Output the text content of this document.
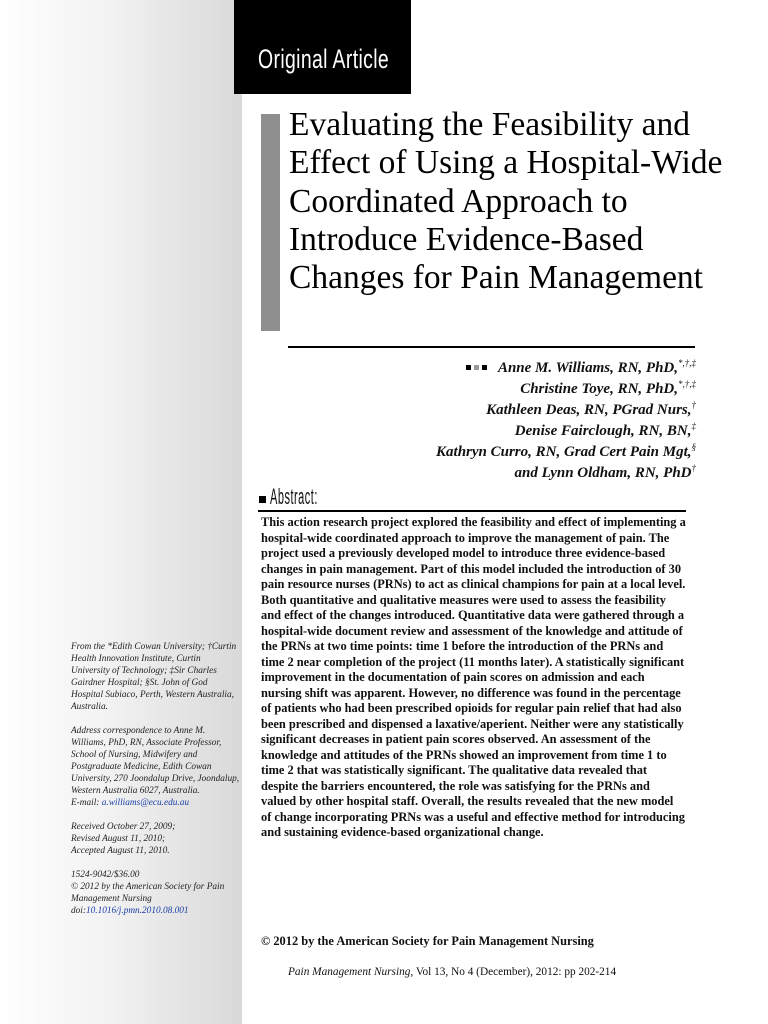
Original Article
Evaluating the Feasibility and Effect of Using a Hospital-Wide Coordinated Approach to Introduce Evidence-Based Changes for Pain Management
Anne M. Williams, RN, PhD,*,†,‡
Christine Toye, RN, PhD,*,†,‡
Kathleen Deas, RN, PGrad Nurs,†
Denise Fairclough, RN, BN,‡
Kathryn Curro, RN, Grad Cert Pain Mgt,§
and Lynn Oldham, RN, PhD†
Abstract:

This action research project explored the feasibility and effect of implementing a hospital-wide coordinated approach to improve the management of pain. The project used a previously developed model to introduce three evidence-based changes in pain management. Part of this model included the introduction of 30 pain resource nurses (PRNs) to act as clinical champions for pain at a local level. Both quantitative and qualitative measures were used to assess the feasibility and effect of the changes introduced. Quantitative data were gathered through a hospital-wide document review and assessment of the knowledge and attitude of the PRNs at two time points: time 1 before the introduction of the PRNs and time 2 near completion of the project (11 months later). A statistically significant improvement in the documentation of pain scores on admission and each nursing shift was apparent. However, no difference was found in the percentage of patients who had been prescribed opioids for regular pain relief that had also been prescribed and dispensed a laxative/aperient. Neither were any statistically significant decreases in patient pain scores observed. An assessment of the knowledge and attitudes of the PRNs showed an improvement from time 1 to time 2 that was statistically significant. The qualitative data revealed that despite the barriers encountered, the role was satisfying for the PRNs and valued by other hospital staff. Overall, the results revealed that the new model of change incorporating PRNs was a useful and effective method for introducing and sustaining evidence-based organizational change.

© 2012 by the American Society for Pain Management Nursing

From the *Edith Cowan University; †Curtin Health Innovation Institute, Curtin University of Technology; ‡Sir Charles Gairdner Hospital; §St. John of God Hospital Subiaco, Perth, Western Australia, Australia.

Address correspondence to Anne M. Williams, PhD, RN, Associate Professor, School of Nursing, Midwifery and Postgraduate Medicine, Edith Cowan University, 270 Joondalup Drive, Joondalup, Western Australia 6027, Australia.
E-mail: a.williams@ecu.edu.au

Received October 27, 2009;
Revised August 11, 2010;
Accepted August 11, 2010.

1524-9042/$36.00
© 2012 by the American Society for Pain Management Nursing
doi:10.1016/j.pmn.2010.08.001

Pain Management Nursing, Vol 13, No 4 (December), 2012: pp 202-214
